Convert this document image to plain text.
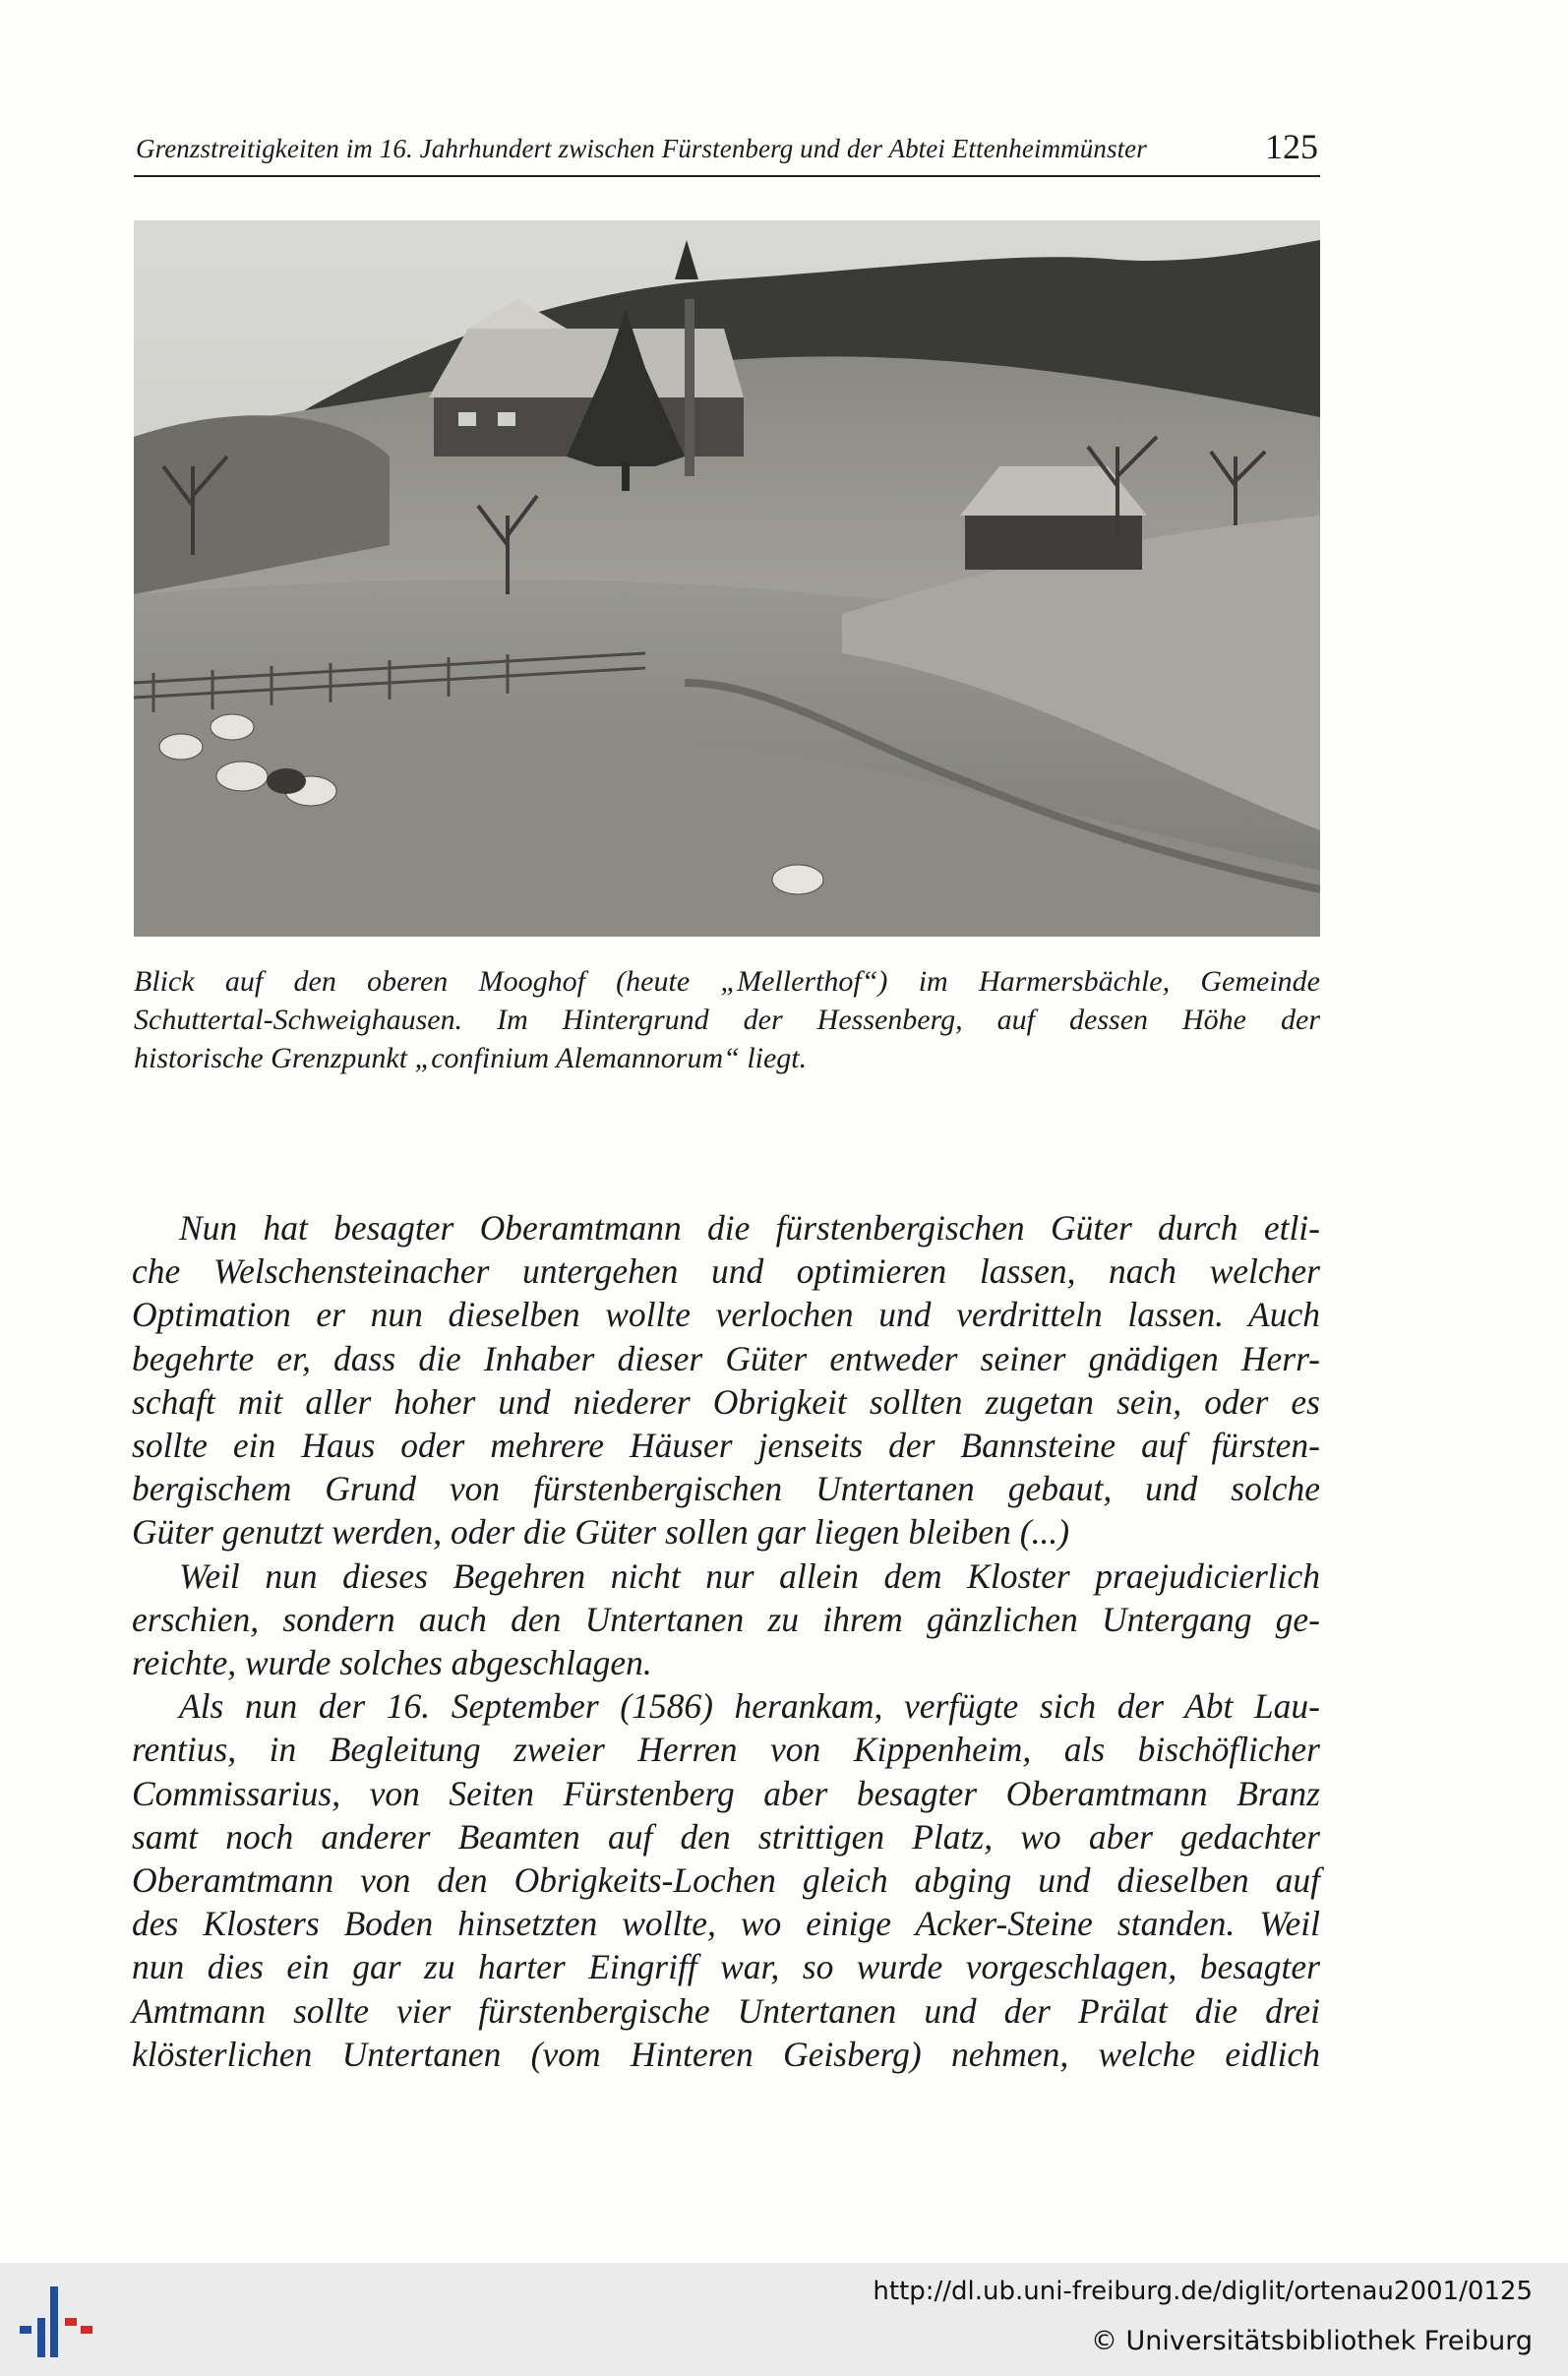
Grenzstreitigkeiten im 16. Jahrhundert zwischen Fürstenberg und der Abtei Ettenheimmünster	125
Blick auf den oberen Mooghof (heute „Mellerthof“) im Harmersbächle, Gemeinde
Schuttertal-Schweighausen. Im Hintergrund der Hessenberg, auf dessen Höhe der
historische Grenzpunkt „confinium Alemannorum“ liegt.
Nun hat besagter Oberamtmann die fürstenbergischen Güter durch etli-
che Welschensteinacher untergehen und optimieren lassen, nach welcher
Optimation er nun dieselben wollte verlochen und verdritteln lassen. Auch
begehrte er, dass die Inhaber dieser Güter entweder seiner gnädigen Herr-
schaft mit aller hoher und niederer Obrigkeit sollten zugetan sein, oder es
sollte ein Haus oder mehrere Häuser jenseits der Bannsteine auf fürsten-
bergischem Grund von fürstenbergischen Untertanen gebaut, und solche
Güter genutzt werden, oder die Güter sollen gar liegen bleiben (...)
Weil nun dieses Begehren nicht nur allein dem Kloster praejudicierlich
erschien, sondern auch den Untertanen zu ihrem gänzlichen Untergang ge-
reichte, wurde solches abgeschlagen.
Als nun der 16. September (1586) herankam, verfügte sich der Abt Lau-
rentius, in Begleitung zweier Herren von Kippenheim, als bischöflicher
Commissarius, von Seiten Fürstenberg aber besagter Oberamtmann Branz
samt noch anderer Beamten auf den strittigen Platz, wo aber gedachter
Oberamtmann von den Obrigkeits-Lochen gleich abging und dieselben auf
des Klosters Boden hinsetzten wollte, wo einige Acker-Steine standen. Weil
nun dies ein gar zu harter Eingriff war, so wurde vorgeschlagen, besagter
Amtmann sollte vier fürstenbergische Untertanen und der Prälat die drei
klösterlichen Untertanen (vom Hinteren Geisberg) nehmen, welche eidlich
http://dl.ub.uni-freiburg.de/diglit/ortenau2001/0125
© Universitätsbibliothek Freiburg
